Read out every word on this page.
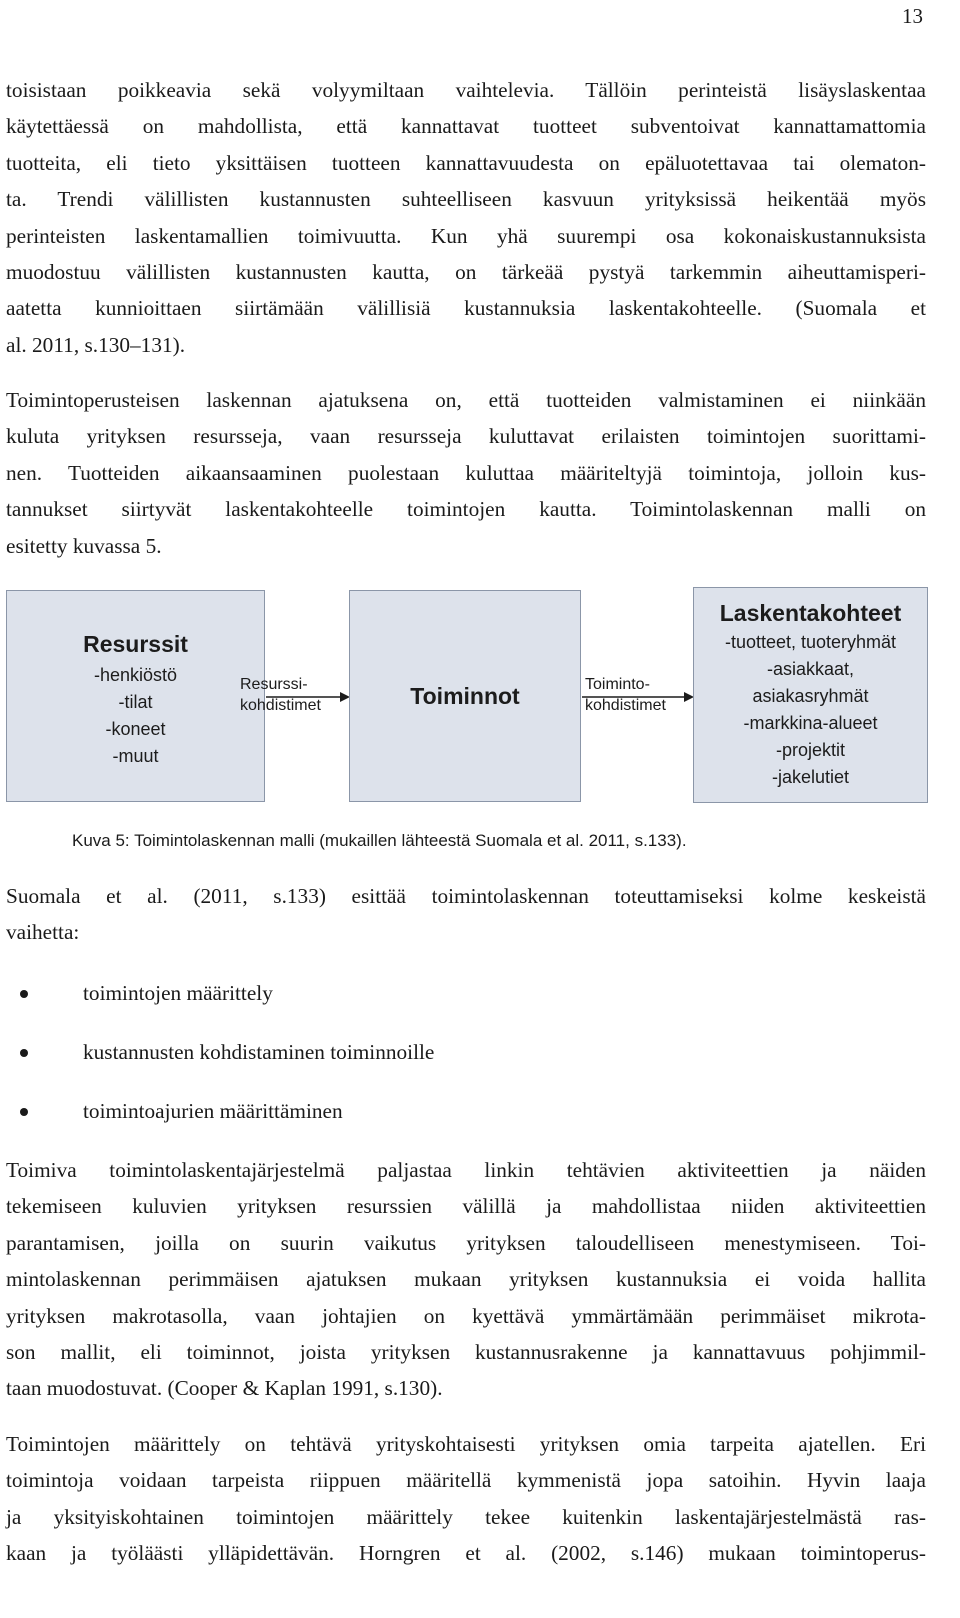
13
toisistaan poikkeavia sekä volyymiltaan vaihtelevia. Tällöin perinteistä lisäyslaskentaa
käytettäessä on mahdollista, että kannattavat tuotteet subventoivat kannattamattomia
tuotteita, eli tieto yksittäisen tuotteen kannattavuudesta on epäluotettavaa tai olematon-
ta. Trendi välillisten kustannusten suhteelliseen kasvuun yrityksissä heikentää myös
perinteisten laskentamallien toimivuutta. Kun yhä suurempi osa kokonaiskustannuksista
muodostuu välillisten kustannusten kautta, on tärkeää pystyä tarkemmin aiheuttamisperi-
aatetta kunnioittaen siirtämään välillisiä kustannuksia laskentakohteelle. (Suomala et
al. 2011, s.130–131).
Toimintoperusteisen laskennan ajatuksena on, että tuotteiden valmistaminen ei niinkään
kuluta yrityksen resursseja, vaan resursseja kuluttavat erilaisten toimintojen suorittami-
nen. Tuotteiden aikaansaaminen puolestaan kuluttaa määriteltyjä toimintoja, jolloin kus-
tannukset siirtyvät laskentakohteelle toimintojen kautta. Toimintolaskennan malli on
esitetty kuvassa 5.
Resurssit
-henkiöstö
-tilat
-koneet
-muut
Resurssi-
kohdistimet	Toiminnot	Toiminto-
kohdistimet
Laskentakohteet
-tuotteet, tuoteryhmät
-asiakkaat,
asiakasryhmät
-markkina-alueet
-projektit
-jakelutiet
Kuva 5: Toimintolaskennan malli (mukaillen lähteestä Suomala et al. 2011, s.133).
Suomala et al. (2011, s.133) esittää toimintolaskennan toteuttamiseksi kolme keskeistä
vaihetta:
toimintojen määrittely
kustannusten kohdistaminen toiminnoille
toimintoajurien määrittäminen
Toimiva toimintolaskentajärjestelmä paljastaa linkin tehtävien aktiviteettien ja näiden
tekemiseen kuluvien yrityksen resurssien välillä ja mahdollistaa niiden aktiviteettien
parantamisen, joilla on suurin vaikutus yrityksen taloudelliseen menestymiseen. Toi-
mintolaskennan perimmäisen ajatuksen mukaan yrityksen kustannuksia ei voida hallita
yrityksen makrotasolla, vaan johtajien on kyettävä ymmärtämään perimmäiset mikrota-
son mallit, eli toiminnot, joista yrityksen kustannusrakenne ja kannattavuus pohjimmil-
taan muodostuvat. (Cooper & Kaplan 1991, s.130).
Toimintojen määrittely on tehtävä yrityskohtaisesti yrityksen omia tarpeita ajatellen. Eri
toimintoja voidaan tarpeista riippuen määritellä kymmenistä jopa satoihin. Hyvin laaja
ja yksityiskohtainen toimintojen määrittely tekee kuitenkin laskentajärjestelmästä ras-
kaan ja työläästi ylläpidettävän. Horngren et al. (2002, s.146) mukaan toimintoperus-
